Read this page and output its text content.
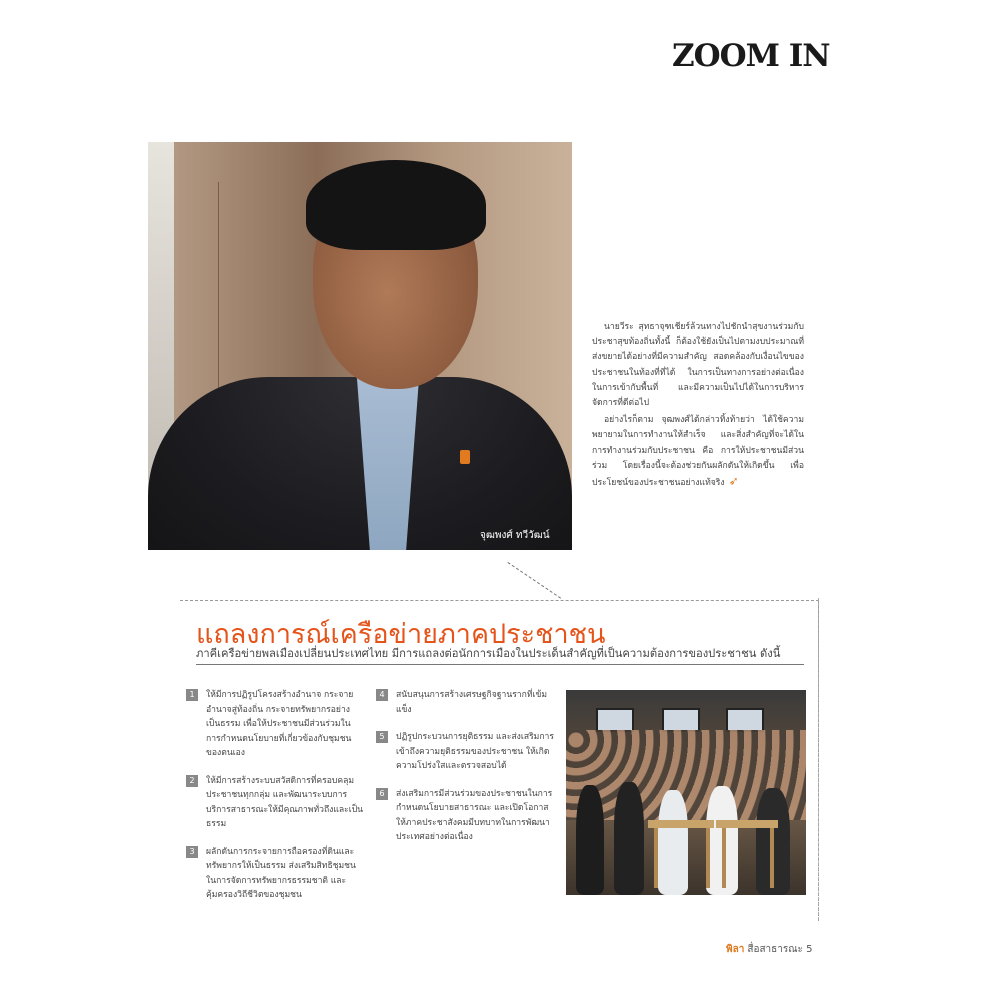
ZOOM IN
จุฒพงศ์ ทวีวัฒน์

นายวีระ สุทธาจุฑเชียร์ล้วนทางไปชักนำสุขงานร่วมกับประชาสุขท้องถิ่นทั้งนี้ ก็ต้องใช้ยังเป็นไปตามงบประมาณที่ส่งขยายได้อย่างที่มีความสำคัญ สอดคล้องกับเงื่อนไขของประชาชนในท้องที่ที่ได้ ในการเป็นทางการอย่างต่อเนื่องในการเข้ากับพื้นที่ และมีความเป็นไปได้ในการบริหารจัดการที่ดีต่อไป

อย่างไรก็ตาม จุฒพงศ์ได้กล่าวทิ้งท้ายว่า ได้ใช้ความพยายามในการทำงานให้สำเร็จ และสิ่งสำคัญที่จะได้ในการทำงานร่วมกับประชาชน คือ การให้ประชาชนมีส่วนร่วม โดยเรื่องนี้จะต้องช่วยกันผลักดันให้เกิดขึ้น เพื่อประโยชน์ของประชาชนอย่างแท้จริง ➶

แถลงการณ์เครือข่ายภาคประชาชน
ภาคีเครือข่ายพลเมืองเปลี่ยนประเทศไทย มีการแถลงต่อนักการเมืองในประเด็นสำคัญที่เป็นความต้องการของประชาชน ดังนี้
1	ให้มีการปฏิรูปโครงสร้างอำนาจ กระจายอำนาจสู่ท้องถิ่น กระจายทรัพยากรอย่างเป็นธรรม เพื่อให้ประชาชนมีส่วนร่วมในการกำหนดนโยบายที่เกี่ยวข้องกับชุมชนของตนเอง
2	ให้มีการสร้างระบบสวัสดิการที่ครอบคลุมประชาชนทุกกลุ่ม และพัฒนาระบบการบริการสาธารณะให้มีคุณภาพทั่วถึงและเป็นธรรม
3	ผลักดันการกระจายการถือครองที่ดินและทรัพยากรให้เป็นธรรม ส่งเสริมสิทธิชุมชนในการจัดการทรัพยากรธรรมชาติ และคุ้มครองวิถีชีวิตของชุมชน
4	สนับสนุนการสร้างเศรษฐกิจฐานรากที่เข้มแข็ง
5	ปฏิรูปกระบวนการยุติธรรม และส่งเสริมการเข้าถึงความยุติธรรมของประชาชน ให้เกิดความโปร่งใสและตรวจสอบได้
6	ส่งเสริมการมีส่วนร่วมของประชาชนในการกำหนดนโยบายสาธารณะ และเปิดโอกาสให้ภาคประชาสังคมมีบทบาทในการพัฒนาประเทศอย่างต่อเนื่อง
พิลา สื่อสาธารณะ 5
